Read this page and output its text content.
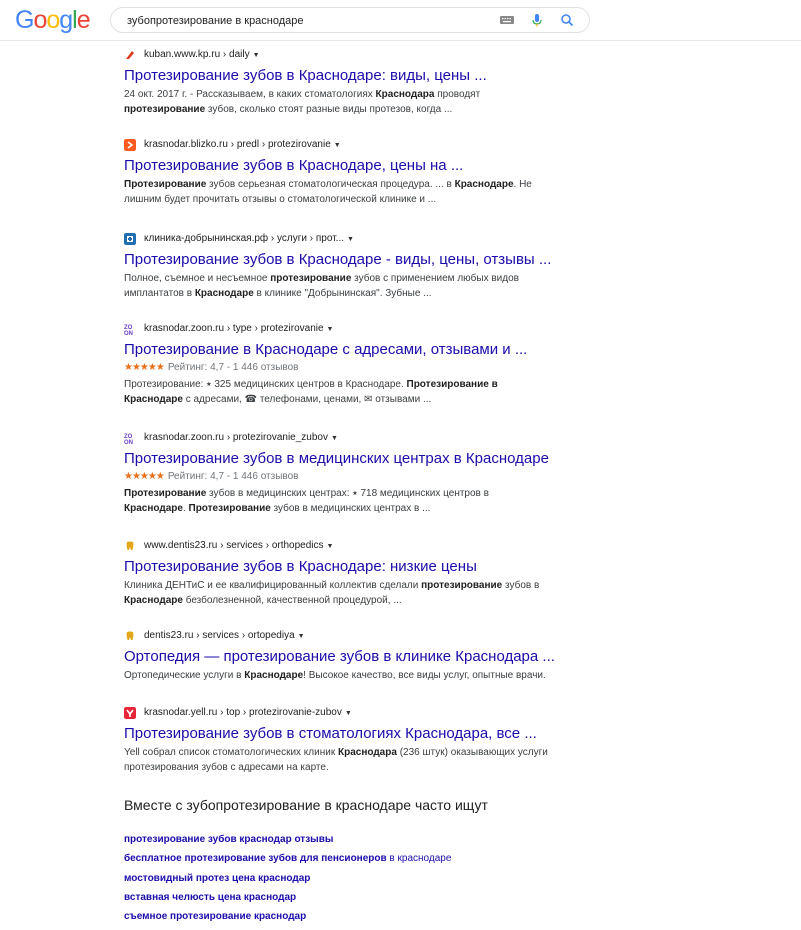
Google
зубопротезирование в краснодаре
kuban.www.kp.ru › daily ▼
Протезирование зубов в Краснодаре: виды, цены ...
24 окт. 2017 г. - Рассказываем, в каких стоматологиях Краснодара проводят
протезирование зубов, сколько стоят разные виды протезов, когда ...
krasnodar.blizko.ru › predl › protezirovanie ▼
Протезирование зубов в Краснодаре, цены на ...
Протезирование зубов серьезная стоматологическая процедура. ... в Краснодаре. Не
лишним будет прочитать отзывы о стоматологической клинике и ...
клиника-добрынинская.рф › услуги › прот... ▼
Протезирование зубов в Краснодаре - виды, цены, отзывы ...
Полное, съемное и несъемное протезирование зубов с применением любых видов
имплантатов в Краснодаре в клинике "Добрынинская". Зубные ...
ZO
ON krasnodar.zoon.ru › type › protezirovanie ▼
Протезирование в Краснодаре с адресами, отзывами и ...
★★★★★ Рейтинг: 4,7 - 1 446 отзывов
Протезирование: ⭑ 325 медицинских центров в Краснодаре. Протезирование в
Краснодаре с адресами, ☎ телефонами, ценами, ✉ отзывами ...
ZO
ON krasnodar.zoon.ru › protezirovanie_zubov ▼
Протезирование зубов в медицинских центрах в Краснодаре
★★★★★ Рейтинг: 4,7 - 1 446 отзывов
Протезирование зубов в медицинских центрах: ⭑ 718 медицинских центров в
Краснодаре. Протезирование зубов в медицинских центрах в ...
www.dentis23.ru › services › orthopedics ▼
Протезирование зубов в Краснодаре: низкие цены
Клиника ДЕНТиС и ее квалифицированный коллектив сделали протезирование зубов в
Краснодаре безболезненной, качественной процедурой, ...
dentis23.ru › services › ortopediya ▼
Ортопедия — протезирование зубов в клинике Краснодара ...
Ортопедические услуги в Краснодаре! Высокое качество, все виды услуг, опытные врачи.
krasnodar.yell.ru › top › protezirovanie-zubov ▼
Протезирование зубов в стоматологиях Краснодара, все ...
Yell собрал список стоматологических клиник Краснодара (236 штук) оказывающих услуги
протезирования зубов с адресами на карте.
Вместе с зубопротезирование в краснодаре часто ищут
протезирование зубов краснодар отзывы
бесплатное протезирование зубов для пенсионеров в краснодаре
мостовидный протез цена краснодар
вставная челюсть цена краснодар
съемное протезирование краснодар
